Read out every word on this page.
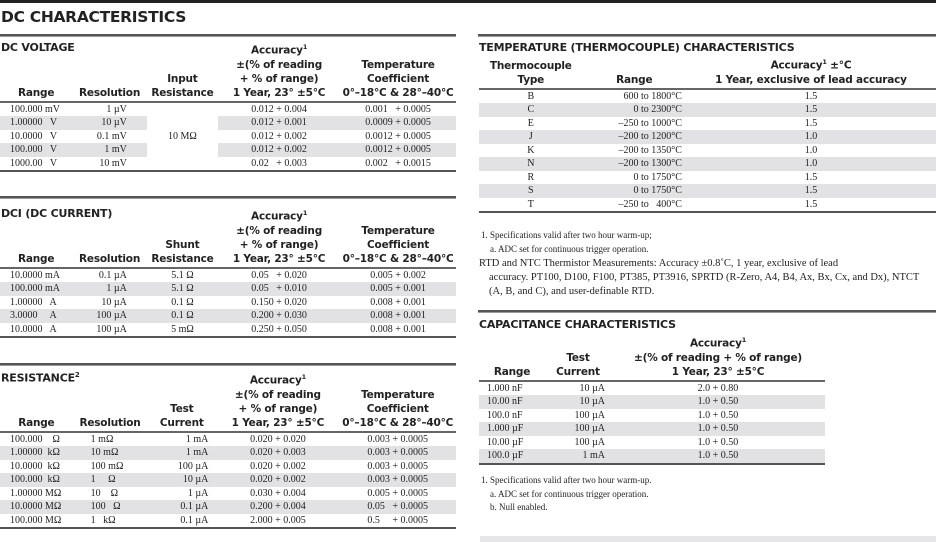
DC CHARACTERISTICS
DC VOLTAGE
				Accuracy$^1$	
			±(% of reading	Temperature
		Input	+ % of range)	Coefficient
Range	Resolution	Resistance	1 Year, 23° ±5°C	0°–18°C & 28°–40°C
100.000 mV	1 µV	10 MΩ	0.012 + 0.004	0.001   + 0.0005
1.00000   V	10 µV		0.012 + 0.001	0.0009 + 0.0005
10.0000   V	0.1 mV		0.012 + 0.002	0.0012 + 0.0005
100.000   V	1 mV		0.012 + 0.002	0.0012 + 0.0005
1000.00   V	10 mV		0.02   + 0.003	0.002   + 0.0015
DCI (DC CURRENT)
				Accuracy$^1$	
			±(% of reading	Temperature
		Shunt	+ % of range)	Coefficient
Range	Resolution	Resistance	1 Year, 23° ±5°C	0°–18°C & 28°–40°C
10.0000 mA	0.1 µA	5.1 Ω	0.05   + 0.020	0.005 + 0.002
100.000 mA	1 µA	5.1 Ω	0.05   + 0.010	0.005 + 0.001
1.00000   A	10 µA	0.1 Ω	0.150 + 0.020	0.008 + 0.001
3.0000     A	100 µA	0.1 Ω	0.200 + 0.030	0.008 + 0.001
10.0000   A	100 µA	5 mΩ	0.250 + 0.050	0.008 + 0.001
RESISTANCE$^2$
				Accuracy$^1$	
			±(% of reading	Temperature
		Test	+ % of range)	Coefficient
Range	Resolution	Current	1 Year, 23° ±5°C	0°–18°C & 28°–40°C
100.000    Ω	1 mΩ	1 mA	0.020 + 0.020	0.003 + 0.0005
1.00000  kΩ	10 mΩ	1 mA	0.020 + 0.003	0.003 + 0.0005
10.0000  kΩ	100 mΩ	100 µA	0.020 + 0.002	0.003 + 0.0005
100.000  kΩ	1     Ω	10 µA	0.020 + 0.002	0.003 + 0.0005
1.00000 MΩ	10    Ω	1 µA	0.030 + 0.004	0.005 + 0.0005
10.0000 MΩ	100   Ω	0.1 µA	0.200 + 0.004	0.05   + 0.0005
100.000 MΩ	1   kΩ	0.1 µA	2.000 + 0.005	0.5     + 0.0005
TEMPERATURE (THERMOCOUPLE) CHARACTERISTICS
Thermocouple		Accuracy$^1$ ±°C
Type	Range	1 Year, exclusive of lead accuracy
B	600 to 1800°C	1.5
C	0 to 2300°C	1.5
E	–250 to 1000°C	1.5
J	–200 to 1200°C	1.0
K	–200 to 1350°C	1.0
N	–200 to 1300°C	1.0
R	0 to 1750°C	1.5
S	0 to 1750°C	1.5
T	–250 to   400°C	1.5
1. Specifications valid after two hour warm-up;
a. ADC set for continuous trigger operation.
RTD and NTC Thermistor Measurements: Accuracy ±0.8˚C, 1 year, exclusive of lead
accuracy. PT100, D100, F100, PT385, PT3916, SPRTD (R-Zero, A4, B4, Ax, Bx, Cx, and Dx), NTCT
(A, B, and C), and user-definable RTD.
CAPACITANCE CHARACTERISTICS
		Accuracy$^1$
	Test	±(% of reading + % of range)
Range	Current	1 Year, 23° ±5°C
1.000 nF	10 µA	2.0 + 0.80
10.00 nF	10 µA	1.0 + 0.50
100.0 nF	100 µA	1.0 + 0.50
1.000 µF	100 µA	1.0 + 0.50
10.00 µF	100 µA	1.0 + 0.50
100.0 µF	1 mA	1.0 + 0.50
1. Specifications valid after two hour warm-up.
a. ADC set for continuous trigger operation.
b. Null enabled.
